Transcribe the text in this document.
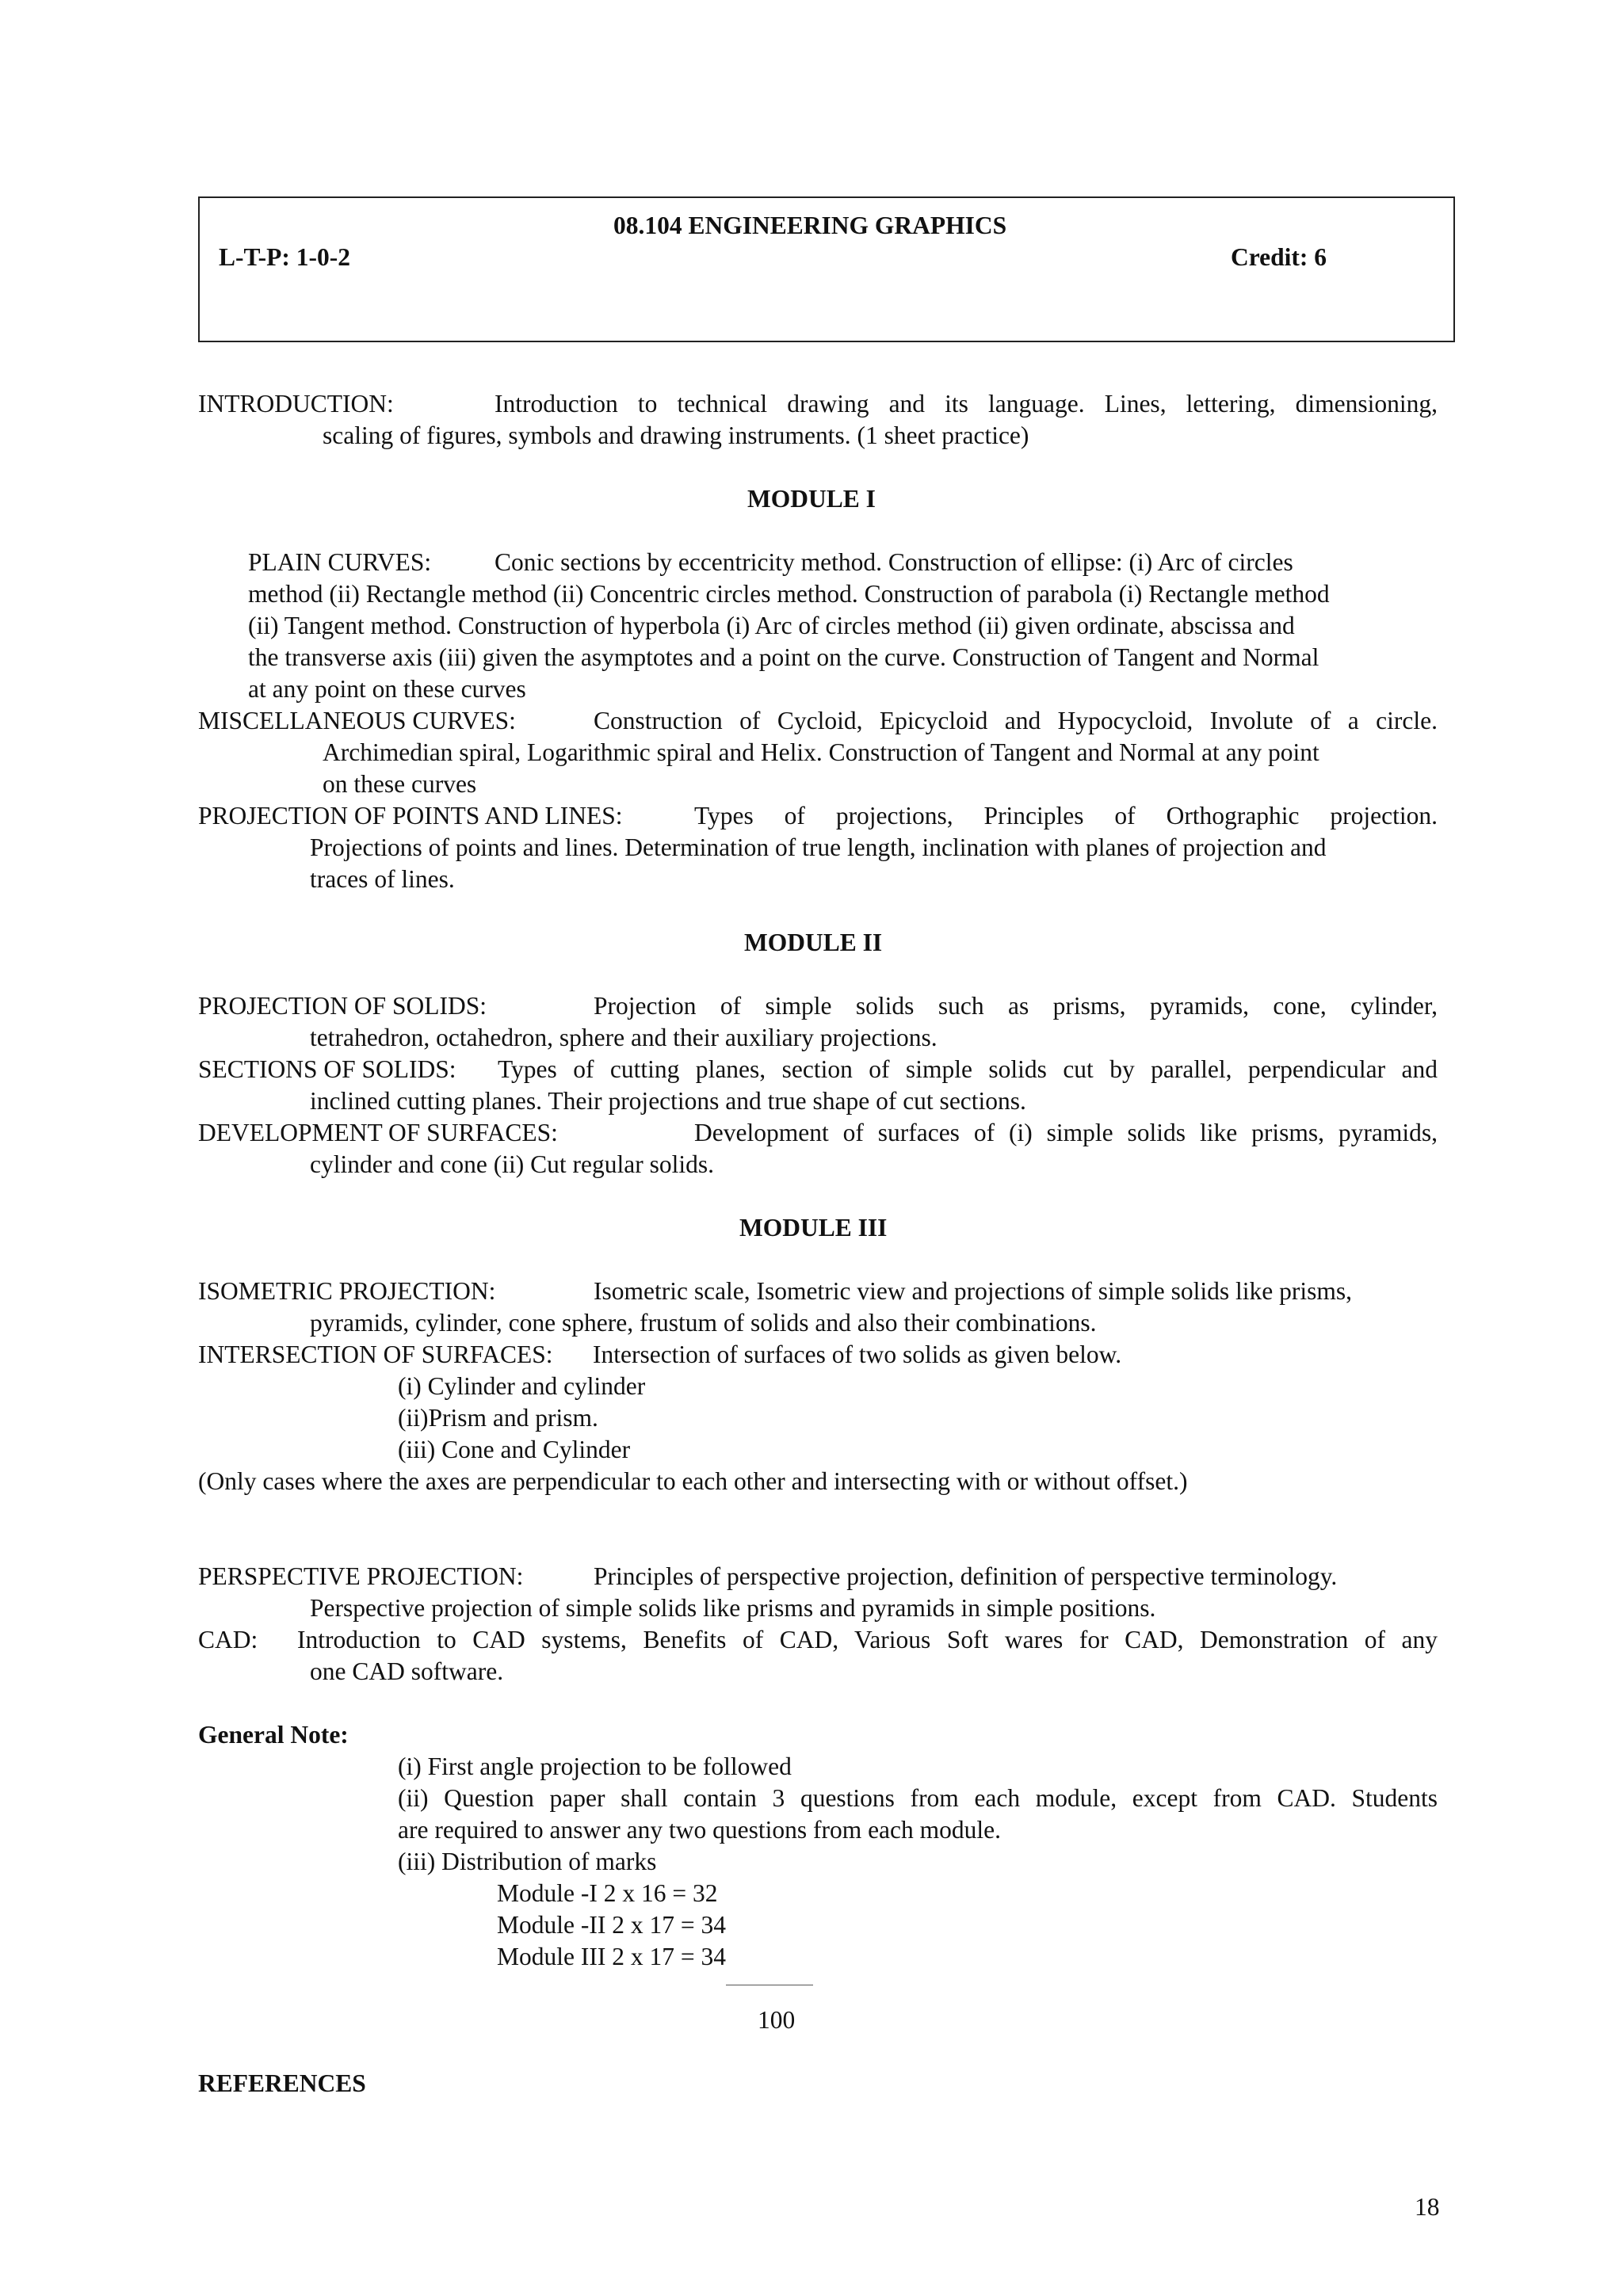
08.104 ENGINEERING GRAPHICS
L-T-P: 1-0-2	Credit: 6
INTRODUCTION:	Introduction to technical drawing and its language. Lines, lettering, dimensioning,
scaling of figures, symbols and drawing instruments. (1 sheet practice)
MODULE I
PLAIN CURVES:	Conic sections by eccentricity method. Construction of ellipse: (i) Arc of circles
method (ii) Rectangle method (ii) Concentric circles method. Construction of parabola (i) Rectangle method
(ii) Tangent method. Construction of hyperbola (i) Arc of circles method (ii) given ordinate, abscissa and
the transverse axis (iii) given the asymptotes and a point on the curve. Construction of Tangent and Normal
at any point on these curves
MISCELLANEOUS CURVES:	Construction of Cycloid, Epicycloid and Hypocycloid, Involute of a circle.
Archimedian spiral, Logarithmic spiral and Helix. Construction of Tangent and Normal at any point
on these curves
PROJECTION OF POINTS AND LINES:	Types of projections, Principles of Orthographic projection.
Projections of points and lines. Determination of true length, inclination with planes of projection and
traces of lines.
MODULE II
PROJECTION OF SOLIDS:	Projection of simple solids such as prisms, pyramids, cone, cylinder,
tetrahedron, octahedron, sphere and their auxiliary projections.
SECTIONS OF SOLIDS: Types of cutting planes, section of simple solids cut by parallel, perpendicular and
inclined cutting planes. Their projections and true shape of cut sections.
DEVELOPMENT OF SURFACES:	Development of surfaces of (i) simple solids like prisms, pyramids,
cylinder and cone (ii) Cut regular solids.
MODULE III
ISOMETRIC PROJECTION:	Isometric scale, Isometric view and projections of simple solids like prisms,
pyramids, cylinder, cone sphere, frustum of solids and also their combinations.
INTERSECTION OF SURFACES: Intersection of surfaces of two solids as given below.
(i) Cylinder and cylinder
(ii)Prism and prism.
(iii) Cone and Cylinder
(Only cases where the axes are perpendicular to each other and intersecting with or without offset.)
PERSPECTIVE PROJECTION:	Principles of perspective projection, definition of perspective terminology.
Perspective projection of simple solids like prisms and pyramids in simple positions.
CAD: Introduction to CAD systems, Benefits of CAD, Various Soft wares for CAD, Demonstration of any
one CAD software.
General Note:
(i) First angle projection to be followed
(ii) Question paper shall contain 3 questions from each module, except from CAD. Students
are required to answer any two questions from each module.
(iii) Distribution of marks
Module -I 2 x 16 = 32
Module -II 2 x 17 = 34
Module III 2 x 17 = 34
100
REFERENCES
18
